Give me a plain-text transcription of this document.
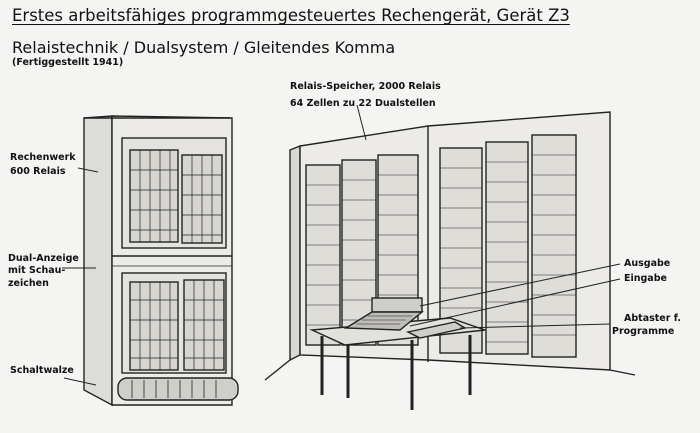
Erstes arbeitsfähiges programmgesteuertes Rechengerät, Gerät Z3
Relaistechnik / Dualsystem / Gleitendes Komma
(Fertiggestellt 1941)
Relais-Speicher, 2000 Relais
64 Zellen zu 22 Dualstellen
Rechenwerk
600 Relais
Dual-Anzeige
mit Schau-
zeichen
Schaltwalze
Ausgabe
Eingabe
Abtaster f.
Programme
